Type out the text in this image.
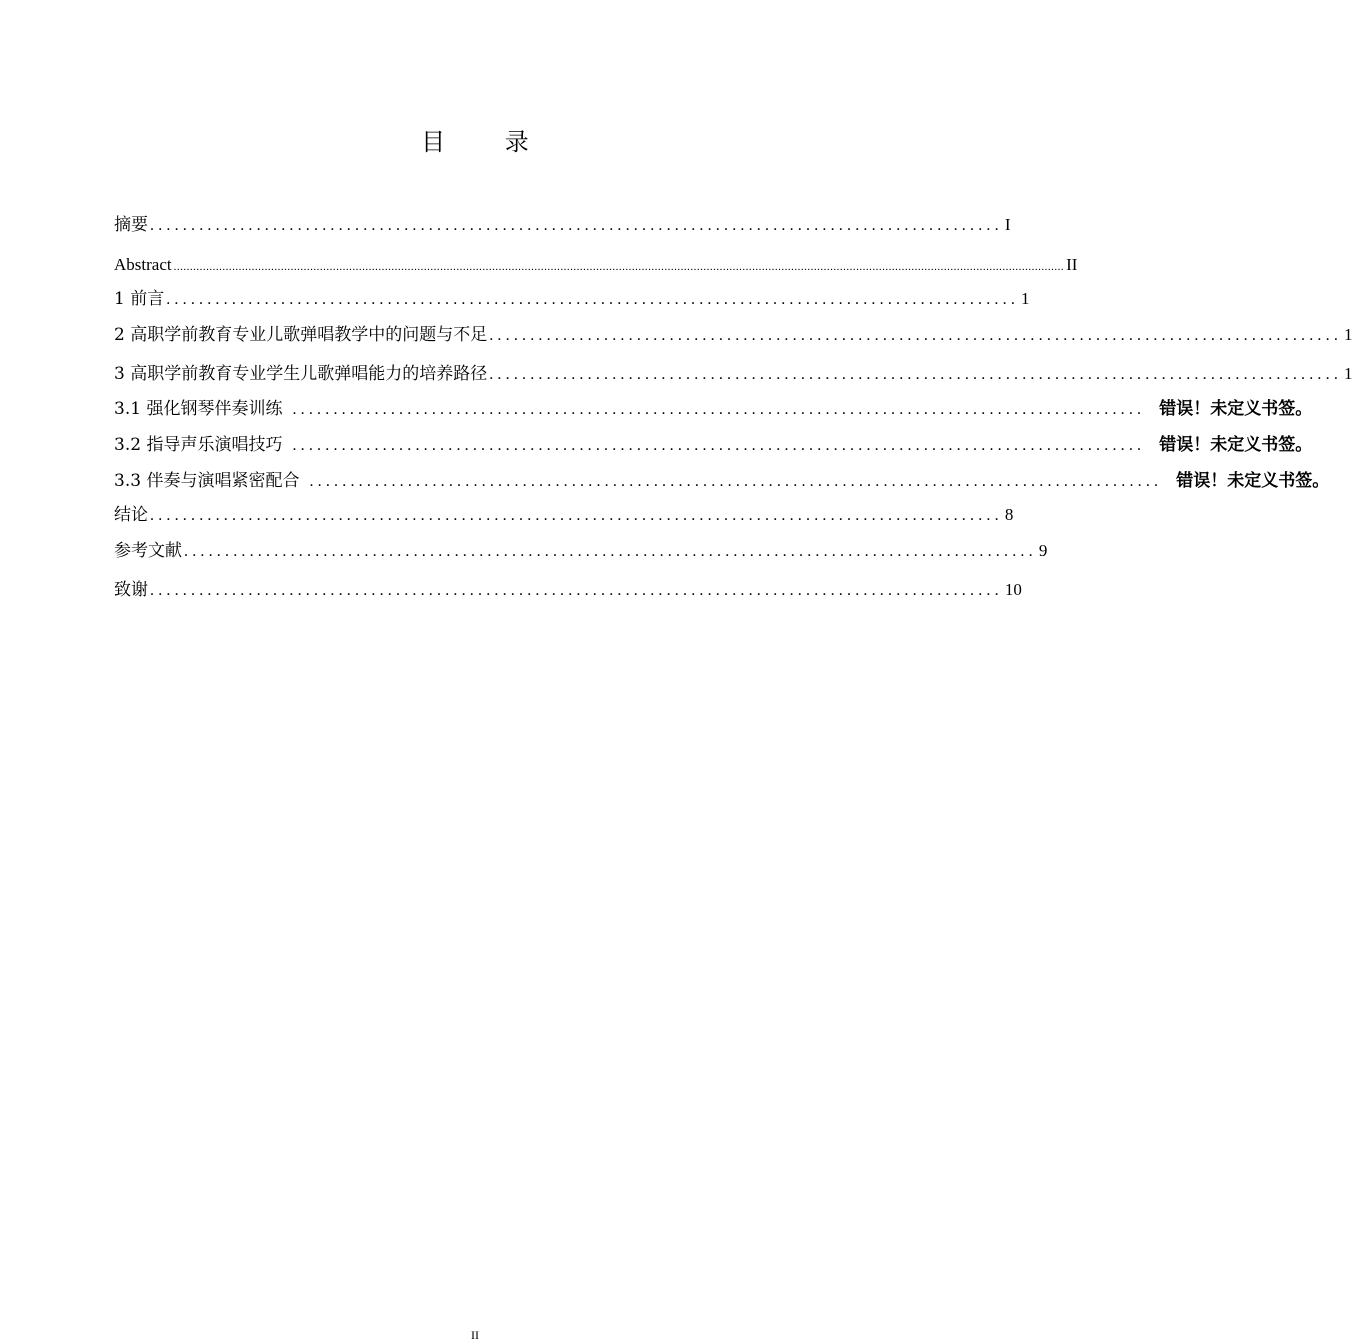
目 录
摘要 ........................................................................................................ I
Abstract .................................................................................................................................................................................................................................................................................. II
1 前言 ........................................................................................................ 1
2 高职学前教育专业儿歌弹唱教学中的问题与不足 ........................................................................................................ 1
3 高职学前教育专业学生儿歌弹唱能力的培养路径 ........................................................................................................ 1
3.1 强化钢琴伴奏训练 ........................................................................................................ 错误！未定义书签。
3.2 指导声乐演唱技巧 ........................................................................................................ 错误！未定义书签。
3.3 伴奏与演唱紧密配合 ........................................................................................................ 错误！未定义书签。
结论 ........................................................................................................ 8
参考文献 ........................................................................................................ 9
致谢 ........................................................................................................ 10
II
